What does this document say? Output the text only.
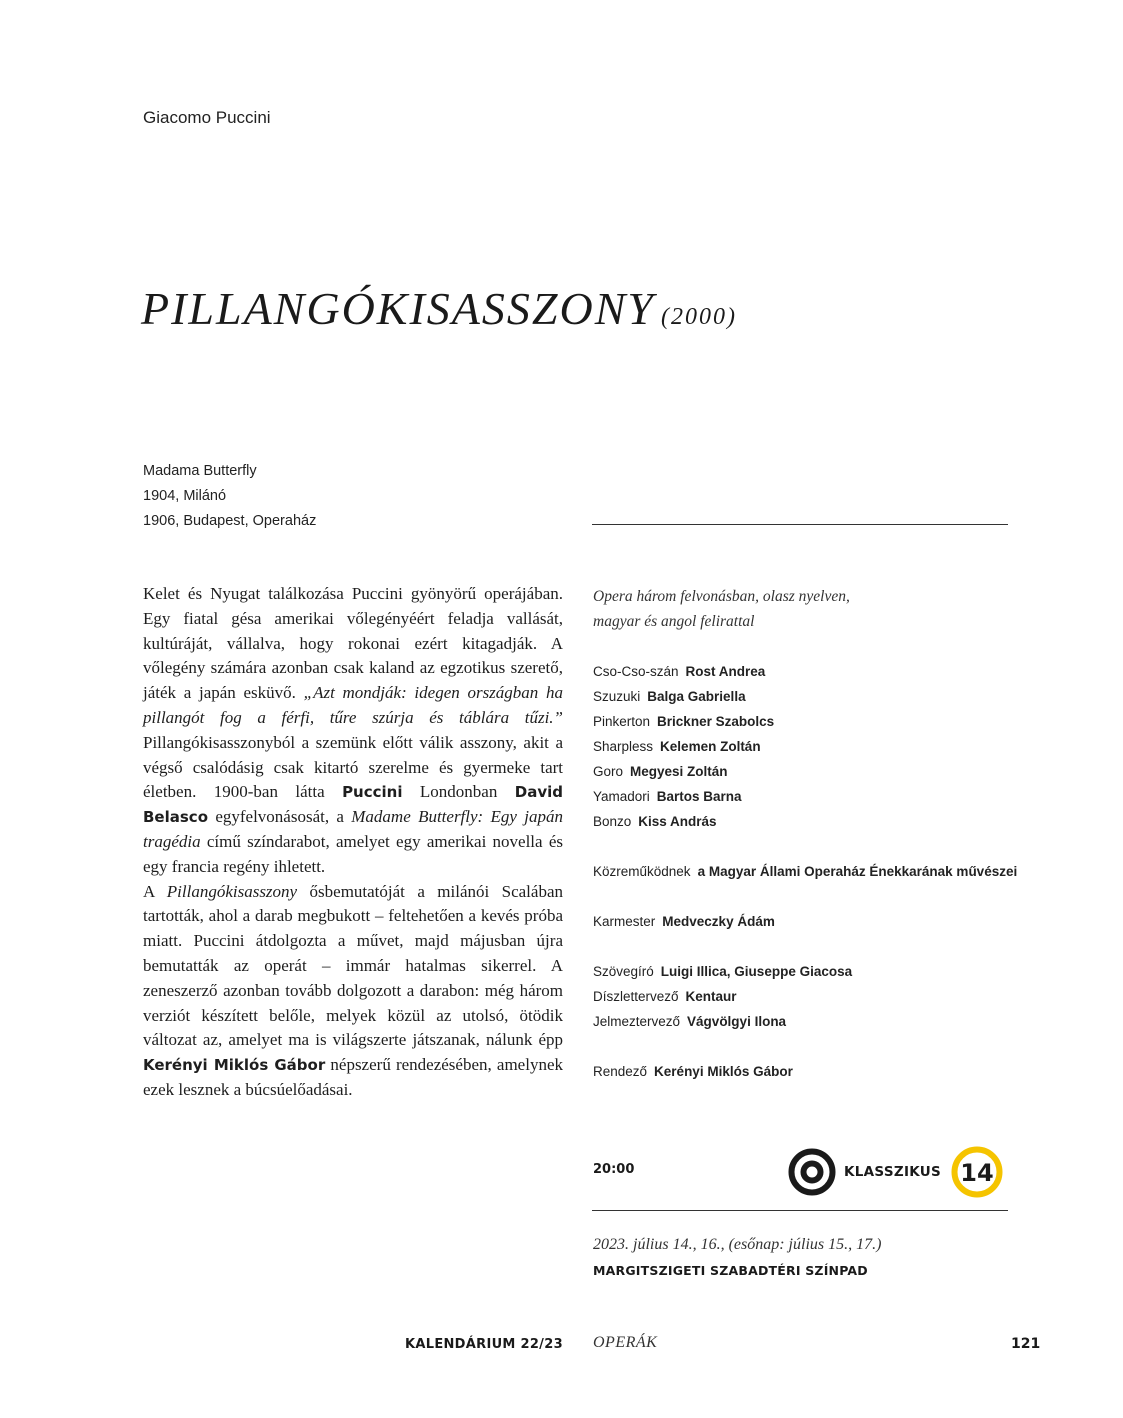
Giacomo Puccini
PILLANGÓKISASSZONY (2000)
Madama Butterfly
1904, Milánó
1906, Budapest, Operaház

Kelet és Nyugat találkozása Puccini gyönyörű operájában. Egy fiatal gésa amerikai vőlegényéért feladja vallását, kultúráját, vállalva, hogy rokonai ezért kitagadják. A vőlegény számára azonban csak kaland az egzotikus szerető, játék a japán esküvő. „Azt mondják: idegen országban ha pillangót fog a férfi, tűre szúrja és táblára tűzi.” Pillangókisasszonyból a szemünk előtt válik asszony, akit a végső csalódásig csak kitartó szerelme és gyermeke tart életben. 1900-ban látta Puccini Londonban David Belasco egyfelvonásosát, a Madame Butterfly: Egy japán tragédia című színdarabot, amelyet egy amerikai novella és egy francia regény ihletett.

A Pillangókisasszony ősbemutatóját a milánói Scalában tartották, ahol a darab megbukott – feltehetően a kevés próba miatt. Puccini átdolgozta a művet, majd májusban újra bemutatták az operát – immár hatalmas sikerrel. A zeneszerző azonban tovább dolgozott a darabon: még három verziót készített belőle, melyek közül az utolsó, ötödik változat az, amelyet ma is világszerte játszanak, nálunk épp Kerényi Miklós Gábor népszerű rendezésében, amelynek ezek lesznek a búcsúelőadásai.

Opera három felvonásban, olasz nyelven,
magyar és angol felirattal
Cso-Cso-szán Rost Andrea
Szuzuki Balga Gabriella
Pinkerton Brickner Szabolcs
Sharpless Kelemen Zoltán
Goro Megyesi Zoltán
Yamadori Bartos Barna
Bonzo Kiss András
Közreműködnek a Magyar Állami Operaház Énekkarának művészei
Karmester Medveczky Ádám
Szövegíró Luigi Illica, Giuseppe Giacosa
Díszlettervező Kentaur
Jelmeztervező Vágvölgyi Ilona
Rendező Kerényi Miklós Gábor
20:00	KLASSZIKUS 14
2023. július 14., 16., (esőnap: július 15., 17.)
MARGITSZIGETI SZABADTÉRI SZÍNPAD
KALENDÁRIUM 22/23 OPERÁK	121
